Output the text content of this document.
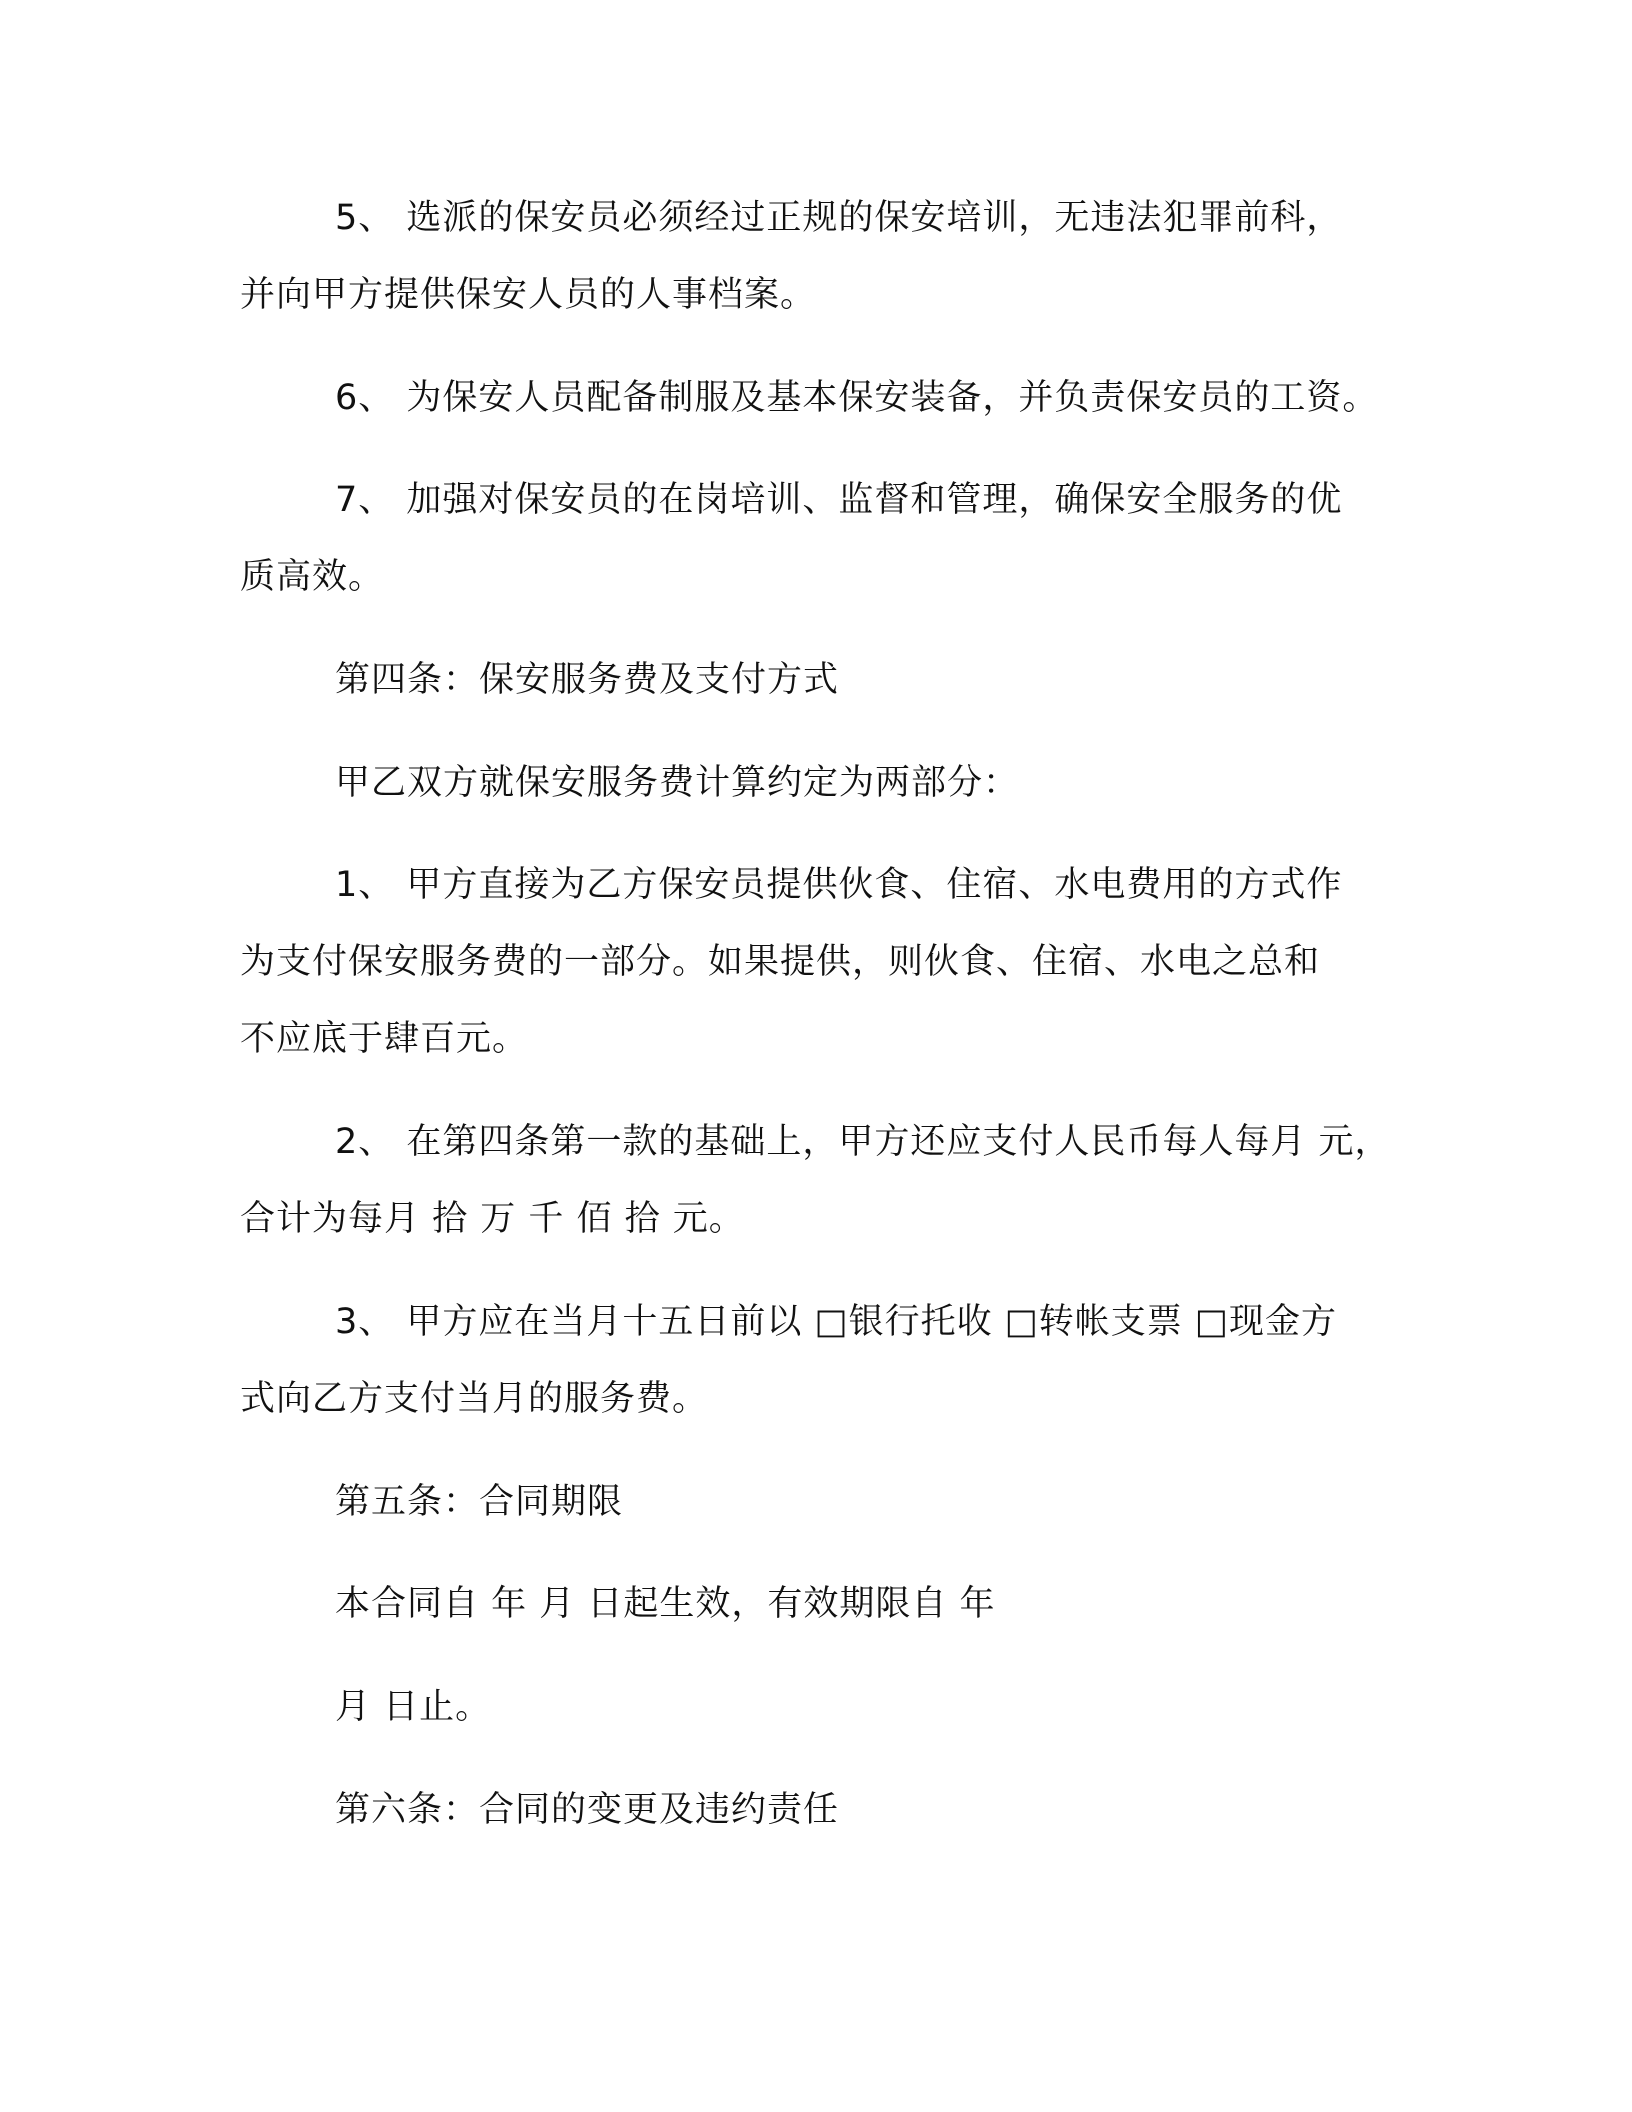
5、 选派的保安员必须经过正规的保安培训，无违法犯罪前科，
并向甲方提供保安人员的人事档案。
6、 为保安人员配备制服及基本保安装备，并负责保安员的工资。
7、 加强对保安员的在岗培训、监督和管理，确保安全服务的优
质高效。
第四条：保安服务费及支付方式
甲乙双方就保安服务费计算约定为两部分：
1、 甲方直接为乙方保安员提供伙食、住宿、水电费用的方式作
为支付保安服务费的一部分。如果提供，则伙食、住宿、水电之总和
不应底于肆百元。
2、 在第四条第一款的基础上，甲方还应支付人民币每人每月 元，
合计为每月 拾 万 千 佰 拾 元。
3、 甲方应在当月十五日前以 □银行托收 □转帐支票 □现金方
式向乙方支付当月的服务费。
第五条：合同期限
本合同自 年 月 日起生效，有效期限自 年
月 日止。
第六条：合同的变更及违约责任
